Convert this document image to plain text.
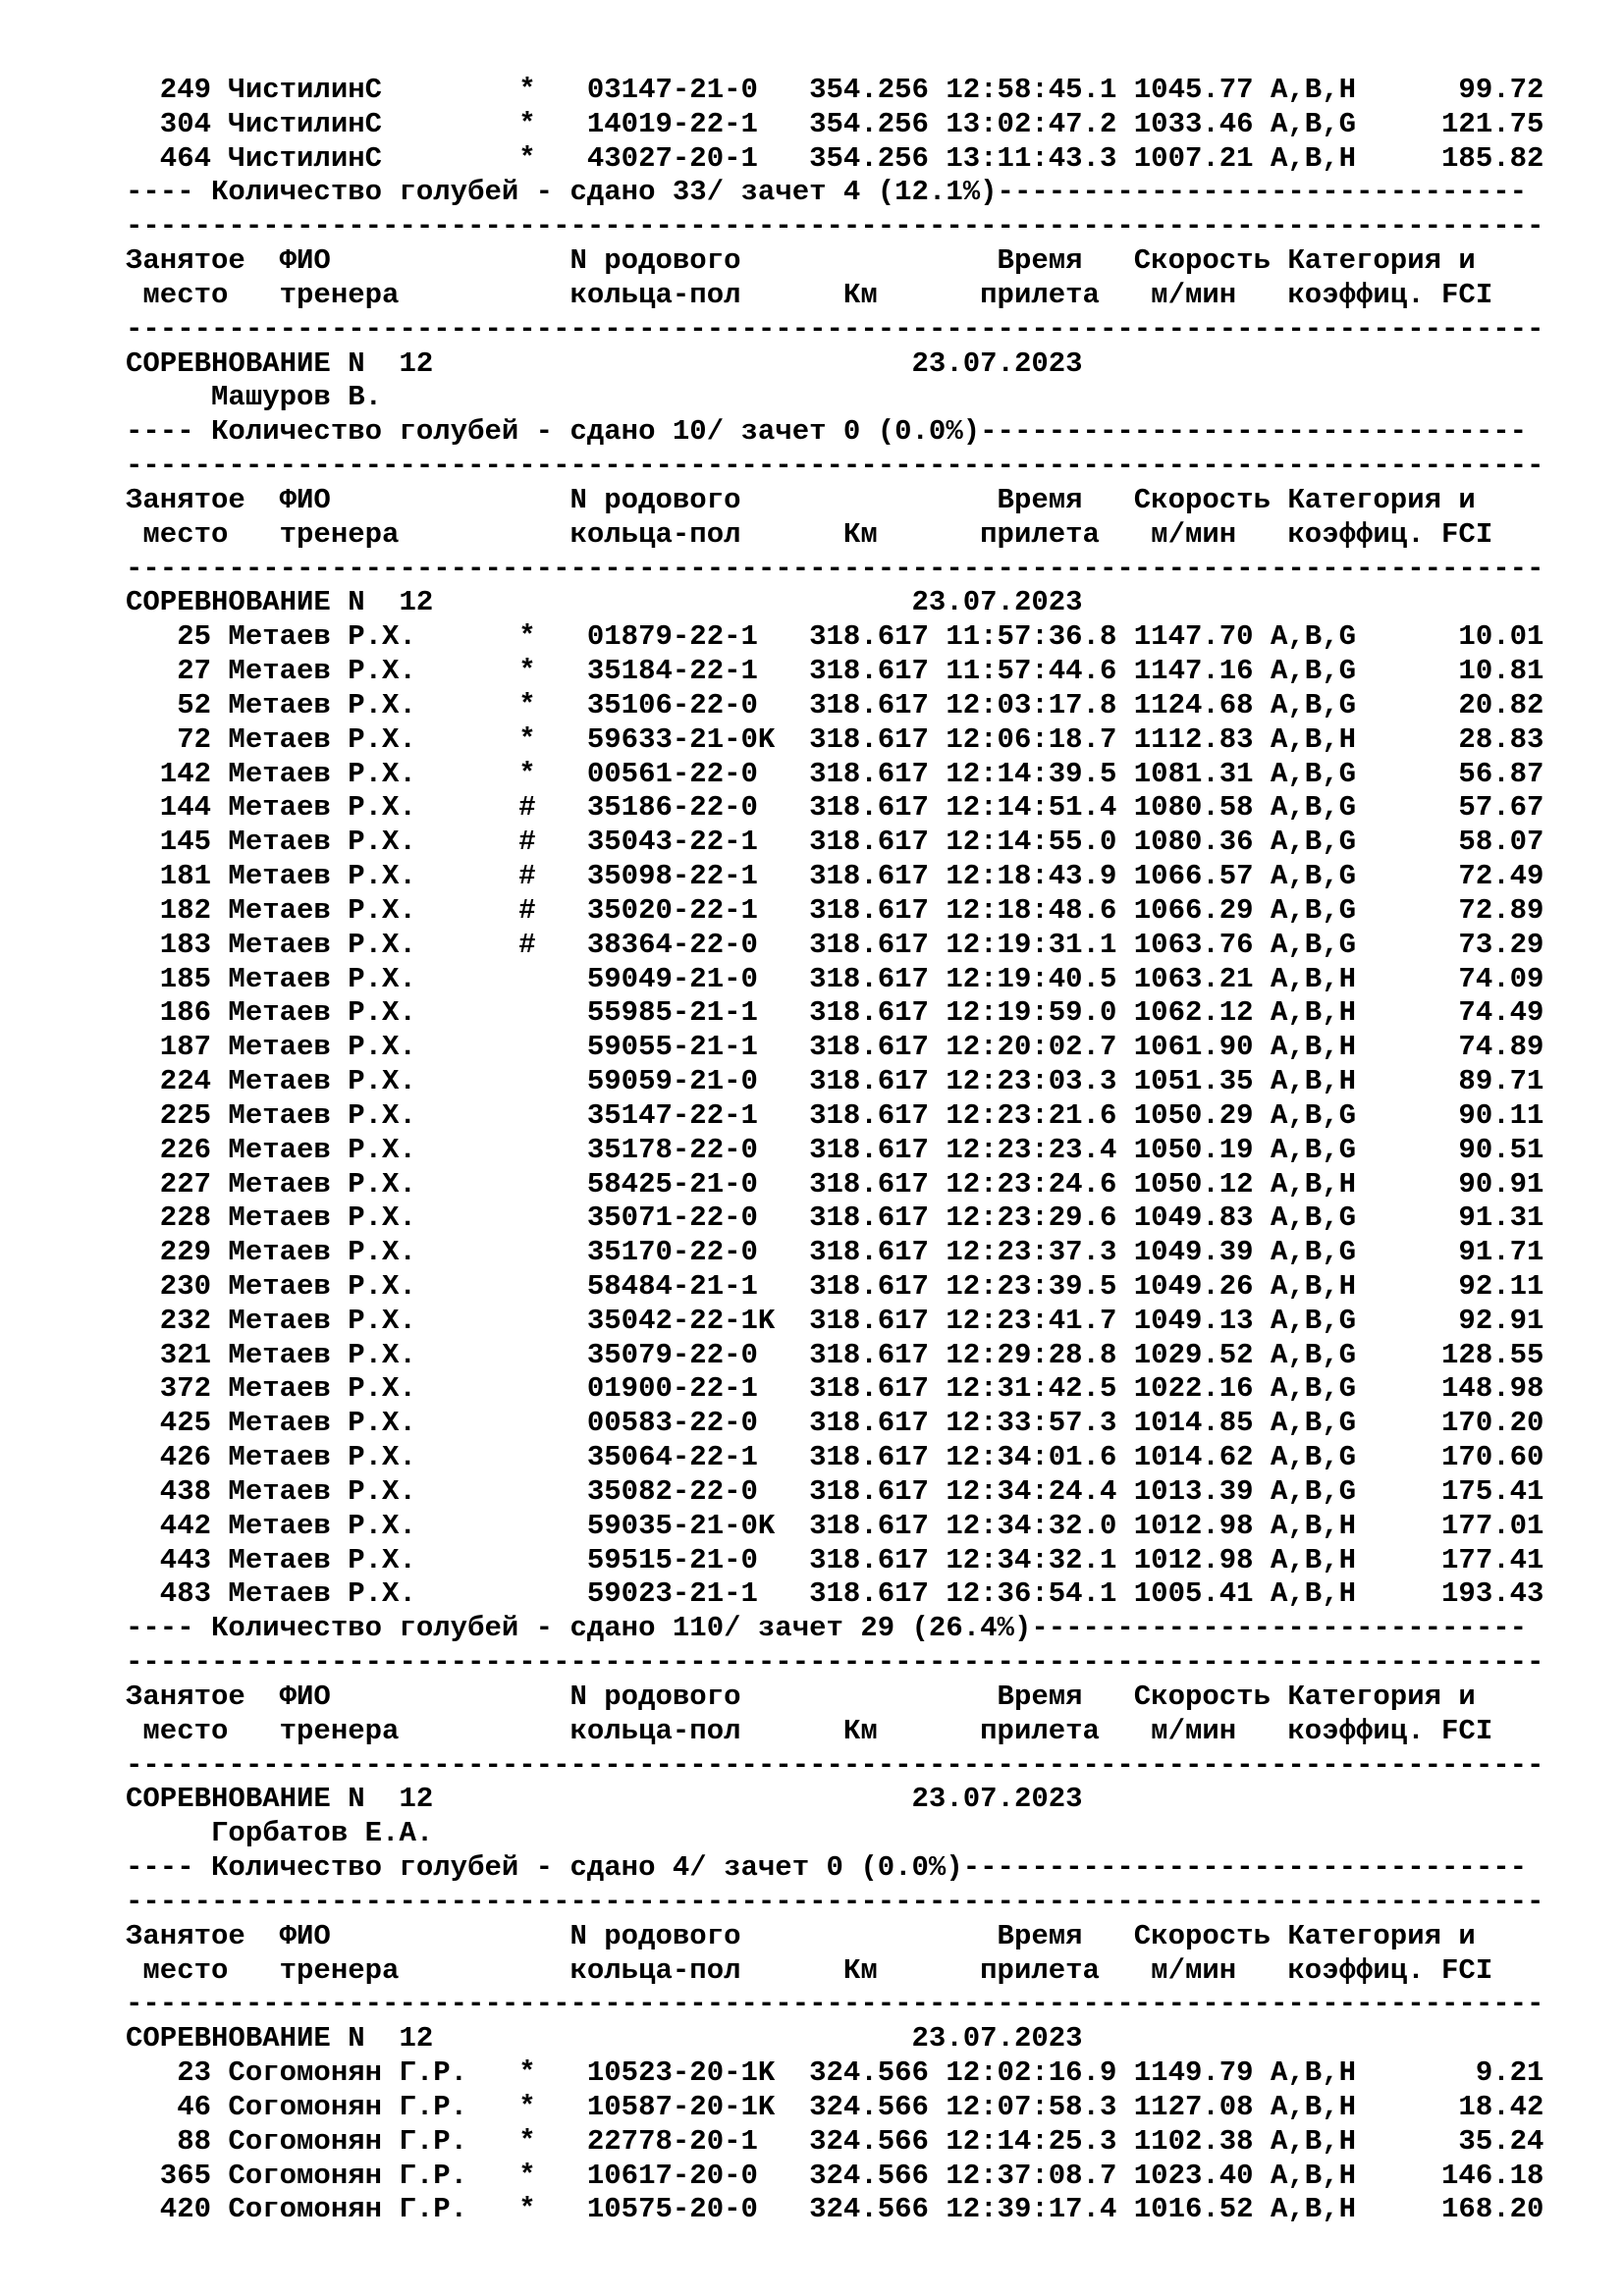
249 ЧистилинС        *   03147-21-0   354.256 12:58:45.1 1045.77 A,B,H      99.72
304 ЧистилинС        *   14019-22-1   354.256 13:02:47.2 1033.46 A,B,G     121.75
464 ЧистилинС        *   43027-20-1   354.256 13:11:43.3 1007.21 A,B,H     185.82
---- Количество голубей - сдано 33/ зачет 4 (12.1%)-------------------------------
-----------------------------------------------------------------------------------
Занятое  ФИО              N родового               Время   Скорость Категория и
место   тренера          кольца-пол      Км      прилета   м/мин   коэффиц. FCI
-----------------------------------------------------------------------------------
СОРЕВНОВАНИЕ N  12                            23.07.2023
Машуров В.
---- Количество голубей - сдано 10/ зачет 0 (0.0%)--------------------------------
-----------------------------------------------------------------------------------
Занятое  ФИО              N родового               Время   Скорость Категория и
место   тренера          кольца-пол      Км      прилета   м/мин   коэффиц. FCI
-----------------------------------------------------------------------------------
СОРЕВНОВАНИЕ N  12                            23.07.2023
25 Метаев Р.Х.      *   01879-22-1   318.617 11:57:36.8 1147.70 A,B,G      10.01
27 Метаев Р.Х.      *   35184-22-1   318.617 11:57:44.6 1147.16 A,B,G      10.81
52 Метаев Р.Х.      *   35106-22-0   318.617 12:03:17.8 1124.68 A,B,G      20.82
72 Метаев Р.Х.      *   59633-21-0K  318.617 12:06:18.7 1112.83 A,B,H      28.83
142 Метаев Р.Х.      *   00561-22-0   318.617 12:14:39.5 1081.31 A,B,G      56.87
144 Метаев Р.Х.      #   35186-22-0   318.617 12:14:51.4 1080.58 A,B,G      57.67
145 Метаев Р.Х.      #   35043-22-1   318.617 12:14:55.0 1080.36 A,B,G      58.07
181 Метаев Р.Х.      #   35098-22-1   318.617 12:18:43.9 1066.57 A,B,G      72.49
182 Метаев Р.Х.      #   35020-22-1   318.617 12:18:48.6 1066.29 A,B,G      72.89
183 Метаев Р.Х.      #   38364-22-0   318.617 12:19:31.1 1063.76 A,B,G      73.29
185 Метаев Р.Х.          59049-21-0   318.617 12:19:40.5 1063.21 A,B,H      74.09
186 Метаев Р.Х.          55985-21-1   318.617 12:19:59.0 1062.12 A,B,H      74.49
187 Метаев Р.Х.          59055-21-1   318.617 12:20:02.7 1061.90 A,B,H      74.89
224 Метаев Р.Х.          59059-21-0   318.617 12:23:03.3 1051.35 A,B,H      89.71
225 Метаев Р.Х.          35147-22-1   318.617 12:23:21.6 1050.29 A,B,G      90.11
226 Метаев Р.Х.          35178-22-0   318.617 12:23:23.4 1050.19 A,B,G      90.51
227 Метаев Р.Х.          58425-21-0   318.617 12:23:24.6 1050.12 A,B,H      90.91
228 Метаев Р.Х.          35071-22-0   318.617 12:23:29.6 1049.83 A,B,G      91.31
229 Метаев Р.Х.          35170-22-0   318.617 12:23:37.3 1049.39 A,B,G      91.71
230 Метаев Р.Х.          58484-21-1   318.617 12:23:39.5 1049.26 A,B,H      92.11
232 Метаев Р.Х.          35042-22-1K  318.617 12:23:41.7 1049.13 A,B,G      92.91
321 Метаев Р.Х.          35079-22-0   318.617 12:29:28.8 1029.52 A,B,G     128.55
372 Метаев Р.Х.          01900-22-1   318.617 12:31:42.5 1022.16 A,B,G     148.98
425 Метаев Р.Х.          00583-22-0   318.617 12:33:57.3 1014.85 A,B,G     170.20
426 Метаев Р.Х.          35064-22-1   318.617 12:34:01.6 1014.62 A,B,G     170.60
438 Метаев Р.Х.          35082-22-0   318.617 12:34:24.4 1013.39 A,B,G     175.41
442 Метаев Р.Х.          59035-21-0K  318.617 12:34:32.0 1012.98 A,B,H     177.01
443 Метаев Р.Х.          59515-21-0   318.617 12:34:32.1 1012.98 A,B,H     177.41
483 Метаев Р.Х.          59023-21-1   318.617 12:36:54.1 1005.41 A,B,H     193.43
---- Количество голубей - сдано 110/ зачет 29 (26.4%)-----------------------------
-----------------------------------------------------------------------------------
Занятое  ФИО              N родового               Время   Скорость Категория и
место   тренера          кольца-пол      Км      прилета   м/мин   коэффиц. FCI
-----------------------------------------------------------------------------------
СОРЕВНОВАНИЕ N  12                            23.07.2023
Горбатов Е.А.
---- Количество голубей - сдано 4/ зачет 0 (0.0%)---------------------------------
-----------------------------------------------------------------------------------
Занятое  ФИО              N родового               Время   Скорость Категория и
место   тренера          кольца-пол      Км      прилета   м/мин   коэффиц. FCI
-----------------------------------------------------------------------------------
СОРЕВНОВАНИЕ N  12                            23.07.2023
23 Согомонян Г.Р.   *   10523-20-1K  324.566 12:02:16.9 1149.79 A,B,H       9.21
46 Согомонян Г.Р.   *   10587-20-1K  324.566 12:07:58.3 1127.08 A,B,H      18.42
88 Согомонян Г.Р.   *   22778-20-1   324.566 12:14:25.3 1102.38 A,B,H      35.24
365 Согомонян Г.Р.   *   10617-20-0   324.566 12:37:08.7 1023.40 A,B,H     146.18
420 Согомонян Г.Р.   *   10575-20-0   324.566 12:39:17.4 1016.52 A,B,H     168.20
